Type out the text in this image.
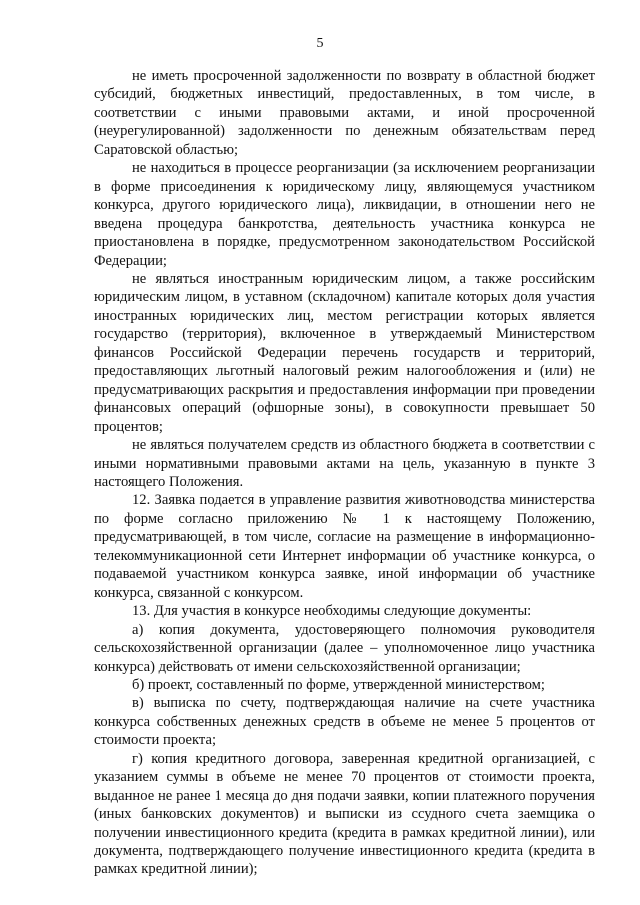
5

не иметь просроченной задолженности по возврату в областной бюджет субсидий, бюджетных инвестиций, предоставленных, в том числе, в соответствии с иными правовыми актами, и иной просроченной (неурегулированной) задолженности по денежным обязательствам перед Саратовской областью;

не находиться в процессе реорганизации (за исключением реорганизации в форме присоединения к юридическому лицу, являющемуся участником конкурса, другого юридического лица), ликвидации, в отношении него не введена процедура банкротства, деятельность участника конкурса не приостановлена в порядке, предусмотренном законодательством Российской Федерации;

не являться иностранным юридическим лицом, а также российским юридическим лицом, в уставном (складочном) капитале которых доля участия иностранных юридических лиц, местом регистрации которых является государство (территория), включенное в утверждаемый Министерством финансов Российской Федерации перечень государств и территорий, предоставляющих льготный налоговый режим налогообложения и (или) не предусматривающих раскрытия и предоставления информации при проведении финансовых операций (офшорные зоны), в совокупности превышает 50 процентов;

не являться получателем средств из областного бюджета в соответствии с иными нормативными правовыми актами на цель, указанную в пункте 3 настоящего Положения.

12. Заявка подается в управление развития животноводства министерства по форме согласно приложению № 1 к настоящему Положению, предусматривающей, в том числе, согласие на размещение в информационно-телекоммуникационной сети Интернет информации об участнике конкурса, о подаваемой участником конкурса заявке, иной информации об участнике конкурса, связанной с конкурсом.

13. Для участия в конкурсе необходимы следующие документы:

а) копия документа, удостоверяющего полномочия руководителя сельскохозяйственной организации (далее – уполномоченное лицо участника конкурса) действовать от имени сельскохозяйственной организации;

б) проект, составленный по форме, утвержденной министерством;

в) выписка по счету, подтверждающая наличие на счете участника конкурса собственных денежных средств в объеме не менее 5 процентов от стоимости проекта;

г) копия кредитного договора, заверенная кредитной организацией, с указанием суммы в объеме не менее 70 процентов от стоимости проекта, выданное не ранее 1 месяца до дня подачи заявки, копии платежного поручения (иных банковских документов) и выписки из ссудного счета заемщика о получении инвестиционного кредита (кредита в рамках кредитной линии), или документа, подтверждающего получение инвестиционного кредита (кредита в рамках кредитной линии);
